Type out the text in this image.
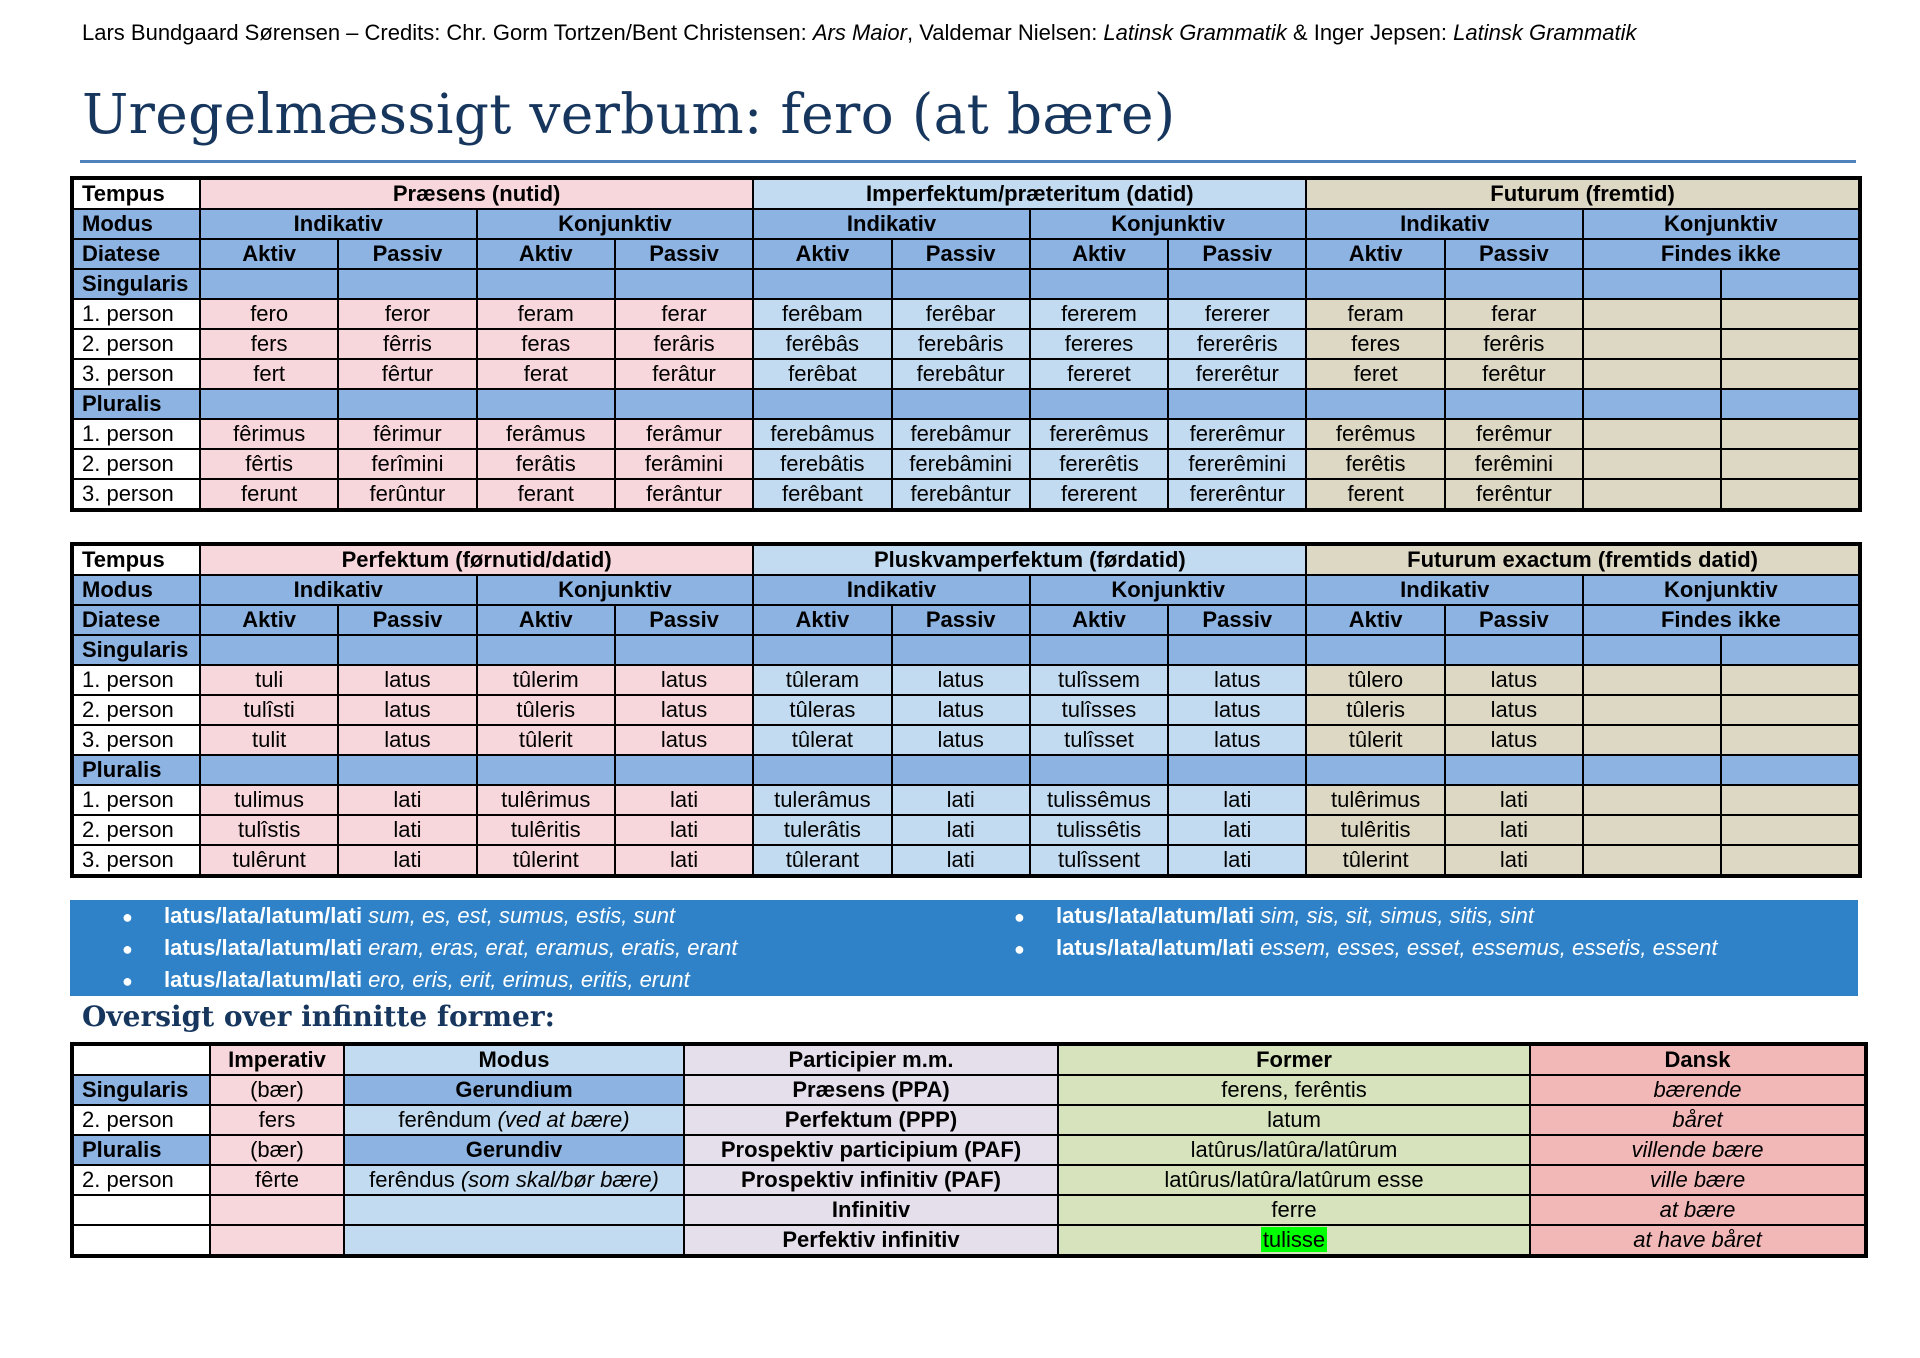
Lars Bundgaard Sørensen – Credits: Chr. Gorm Tortzen/Bent Christensen: Ars Maior, Valdemar Nielsen: Latinsk Grammatik & Inger Jepsen: Latinsk Grammatik
Uregelmæssigt verbum: fero (at bære)
Tempus	Præsens (nutid)				Imperfektum/præteritum (datid)				Futurum (fremtid)			
Modus	Indikativ		Konjunktiv		Indikativ		Konjunktiv		Indikativ		Konjunktiv	
Diatese	Aktiv	Passiv	Aktiv	Passiv	Aktiv	Passiv	Aktiv	Passiv	Aktiv	Passiv	Findes ikke	
Singularis												
1. person	fero	feror	feram	ferar	ferêbam	ferêbar	fererem	fererer	feram	ferar		
2. person	fers	fêrris	feras	ferâris	ferêbâs	ferebâris	fereres	fererêris	feres	ferêris		
3. person	fert	fêrtur	ferat	ferâtur	ferêbat	ferebâtur	fereret	fererêtur	feret	ferêtur		
Pluralis												
1. person	fêrimus	fêrimur	ferâmus	ferâmur	ferebâmus	ferebâmur	fererêmus	fererêmur	ferêmus	ferêmur		
2. person	fêrtis	ferîmini	ferâtis	ferâmini	ferebâtis	ferebâmini	fererêtis	fererêmini	ferêtis	ferêmini		
3. person	ferunt	ferûntur	ferant	ferântur	ferêbant	ferebântur	fererent	fererêntur	ferent	ferêntur		
Tempus	Perfektum (førnutid/datid)				Pluskvamperfektum (førdatid)				Futurum exactum (fremtids datid)			
Modus	Indikativ		Konjunktiv		Indikativ		Konjunktiv		Indikativ		Konjunktiv	
Diatese	Aktiv	Passiv	Aktiv	Passiv	Aktiv	Passiv	Aktiv	Passiv	Aktiv	Passiv	Findes ikke	
Singularis												
1. person	tuli	latus	tûlerim	latus	tûleram	latus	tulîssem	latus	tûlero	latus		
2. person	tulîsti	latus	tûleris	latus	tûleras	latus	tulîsses	latus	tûleris	latus		
3. person	tulit	latus	tûlerit	latus	tûlerat	latus	tulîsset	latus	tûlerit	latus		
Pluralis												
1. person	tulimus	lati	tulêrimus	lati	tulerâmus	lati	tulissêmus	lati	tulêrimus	lati		
2. person	tulîstis	lati	tulêritis	lati	tulerâtis	lati	tulissêtis	lati	tulêritis	lati		
3. person	tulêrunt	lati	tûlerint	lati	tûlerant	lati	tulîssent	lati	tûlerint	lati		
● latus/lata/latum/lati sum, es, est, sumus, estis, sunt
● latus/lata/latum/lati eram, eras, erat, eramus, eratis, erant
● latus/lata/latum/lati ero, eris, erit, erimus, eritis, erunt
● latus/lata/latum/lati sim, sis, sit, simus, sitis, sint
● latus/lata/latum/lati essem, esses, esset, essemus, essetis, essent
Oversigt over infinitte former:
	Imperativ	Modus	Participier m.m.	Former	Dansk
Singularis	(bær)	Gerundium	Præsens (PPA)	ferens, ferêntis	bærende
2. person	fers	ferêndum (ved at bære)	Perfektum (PPP)	latum	båret
Pluralis	(bær)	Gerundiv	Prospektiv participium (PAF)	latûrus/latûra/latûrum	villende bære
2. person	fêrte	ferêndus (som skal/bør bære)	Prospektiv infinitiv (PAF)	latûrus/latûra/latûrum esse	ville bære
			Infinitiv	ferre	at bære
			Perfektiv infinitiv	tulisse	at have båret
